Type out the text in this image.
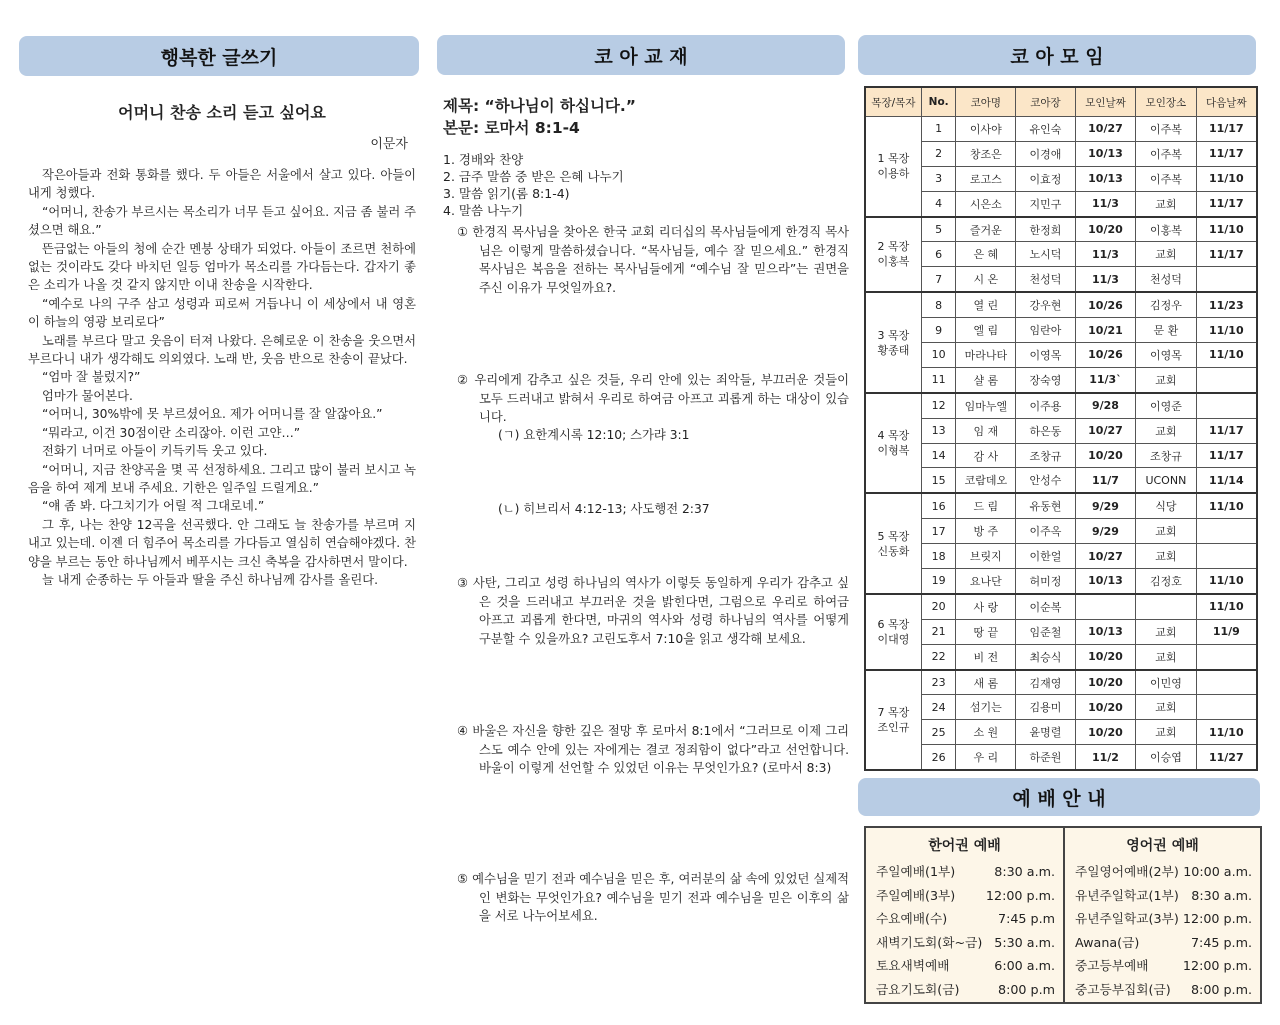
행복한 글쓰기	코 아 교 재	코 아 모 임
예 배 안 내
어머니 찬송 소리 듣고 싶어요
이문자

작은아들과 전화 통화를 했다. 두 아들은 서울에서 살고 있다. 아들이 내게 청했다.

“어머니, 찬송가 부르시는 목소리가 너무 듣고 싶어요. 지금 좀 불러 주셨으면 해요.”

뜬금없는 아들의 청에 순간 멘붕 상태가 되었다. 아들이 조르면 천하에 없는 것이라도 갖다 바치던 일등 엄마가 목소리를 가다듬는다. 갑자기 좋은 소리가 나올 것 같지 않지만 이내 찬송을 시작한다.

“예수로 나의 구주 삼고 성령과 피로써 거듭나니 이 세상에서 내 영혼이 하늘의 영광 보리로다”

노래를 부르다 말고 웃음이 터져 나왔다. 은혜로운 이 찬송을 웃으면서 부르다니 내가 생각해도 의외였다. 노래 반, 웃음 반으로 찬송이 끝났다.

“엄마 잘 불렀지?”

엄마가 물어본다.

“어머니, 30%밖에 못 부르셨어요. 제가 어머니를 잘 알잖아요.”

“뭐라고, 이건 30점이란 소리잖아. 이런 고얀…”

전화기 너머로 아들이 키득키득 웃고 있다.

“어머니, 지금 찬양곡을 몇 곡 선정하세요. 그리고 많이 불러 보시고 녹음을 하여 제게 보내 주세요. 기한은 일주일 드릴게요.”

“얘 좀 봐. 다그치기가 어릴 적 그대로네.”

그 후, 나는 찬양 12곡을 선곡했다. 안 그래도 늘 찬송가를 부르며 지내고 있는데. 이젠 더 힘주어 목소리를 가다듬고 열심히 연습해야겠다. 찬양을 부르는 동안 하나님께서 베푸시는 크신 축복을 감사하면서 말이다.

늘 내게 순종하는 두 아들과 딸을 주신 하나님께 감사를 올린다.

제목: “하나님이 하십니다.”
본문: 로마서 8:1-4
1. 경배와 찬양
2. 금주 말씀 중 받은 은혜 나누기
3. 말씀 읽기(롬 8:1-4)
4. 말씀 나누기
① 한경직 목사님을 찾아온 한국 교회 리더십의 목사님들에게 한경직 목사님은 이렇게 말씀하셨습니다. “목사님들, 예수 잘 믿으세요.” 한경직 목사님은 복음을 전하는 목사님들에게 “예수님 잘 믿으라”는 권면을 주신 이유가 무엇일까요?.
② 우리에게 감추고 싶은 것들, 우리 안에 있는 죄악들, 부끄러운 것들이 모두 드러내고 밝혀서 우리로 하여금 아프고 괴롭게 하는 대상이 있습니다.
(ㄱ) 요한계시록 12:10; 스가랴 3:1
(ㄴ) 히브리서 4:12-13; 사도행전 2:37
③ 사탄, 그리고 성령 하나님의 역사가 이렇듯 동일하게 우리가 감추고 싶은 것을 드러내고 부끄러운 것을 밝힌다면, 그럼으로 우리로 하여금 아프고 괴롭게 한다면, 마귀의 역사와 성령 하나님의 역사를 어떻게 구분할 수 있을까요? 고린도후서 7:10을 읽고 생각해 보세요.
④ 바울은 자신을 향한 깊은 절망 후 로마서 8:1에서 “그러므로 이제 그리스도 예수 안에 있는 자에게는 결코 정죄함이 없다”라고 선언합니다. 바울이 이렇게 선언할 수 있었던 이유는 무엇인가요? (로마서 8:3)
⑤ 예수님을 믿기 전과 예수님을 믿은 후, 여러분의 삶 속에 있었던 실제적인 변화는 무엇인가요? 예수님을 믿기 전과 예수님을 믿은 이후의 삶을 서로 나누어보세요.
목장/목자	No.	코아명	코아장	모인날짜	모인장소	다음날짜

1 목장
이용하	1	이사야	유인숙	10/27	이주복	11/17
	2	창조은	이경애	10/13	이주복	11/17
	3	로고스	이효정	10/13	이주복	11/10
	4	시은소	지민구	11/3	교회	11/17

2 목장
이홍복	5	즐거운	한정희	10/20	이홍복	11/10
	6	은 혜	노시덕	11/3	교회	11/17
	7	시 온	천성덕	11/3	천성덕	

3 목장
황종태	8	열 린	강우현	10/26	김정우	11/23
	9	엘 림	임란아	10/21	문 환	11/10
	10	마라나타	이영목	10/26	이영목	11/10
	11	샬 롬	장숙영	11/3`	교회	

4 목장
이형복	12	임마누엘	이주용	9/28	이영준	
	13	임 재	하은동	10/27	교회	11/17
	14	감 사	조창규	10/20	조창규	11/17
	15	코람데오	안성수	11/7	UCONN	11/14

5 목장
신동화	16	드 림	유동현	9/29	식당	11/10
	17	방 주	이주옥	9/29	교회	
	18	브릿지	이한얼	10/27	교회	
	19	요나단	허미정	10/13	김정호	11/10

6 목장
이대영	20	사 랑	이순복			11/10
	21	땅 끝	임준철	10/13	교회	11/9
	22	비 전	최승식	10/20	교회	

7 목장
조인규	23	새 롬	김재영	10/20	이민영	
	24	섬기는	김용미	10/20	교회	
	25	소 원	윤명렬	10/20	교회	11/10
	26	우 리	하준원	11/2	이승엽	11/27
한어권 예배
주일예배(1부)	8:30 a.m.
주일예배(3부) 12:00 p.m.
수요예배(수)	7:45 p.m
새벽기도회(화~금) 5:30 a.m.
토요새벽예배	6:00 a.m.
금요기도회(금)	8:00 p.m
영어권 예배
주일영어예배(2부) 10:00 a.m.
유년주일학교(1부) 8:30 a.m.
유년주일학교(3부) 12:00 p.m.
Awana(금)	7:45 p.m.
중고등부예배	12:00 p.m.
중고등부집회(금) 8:00 p.m.
